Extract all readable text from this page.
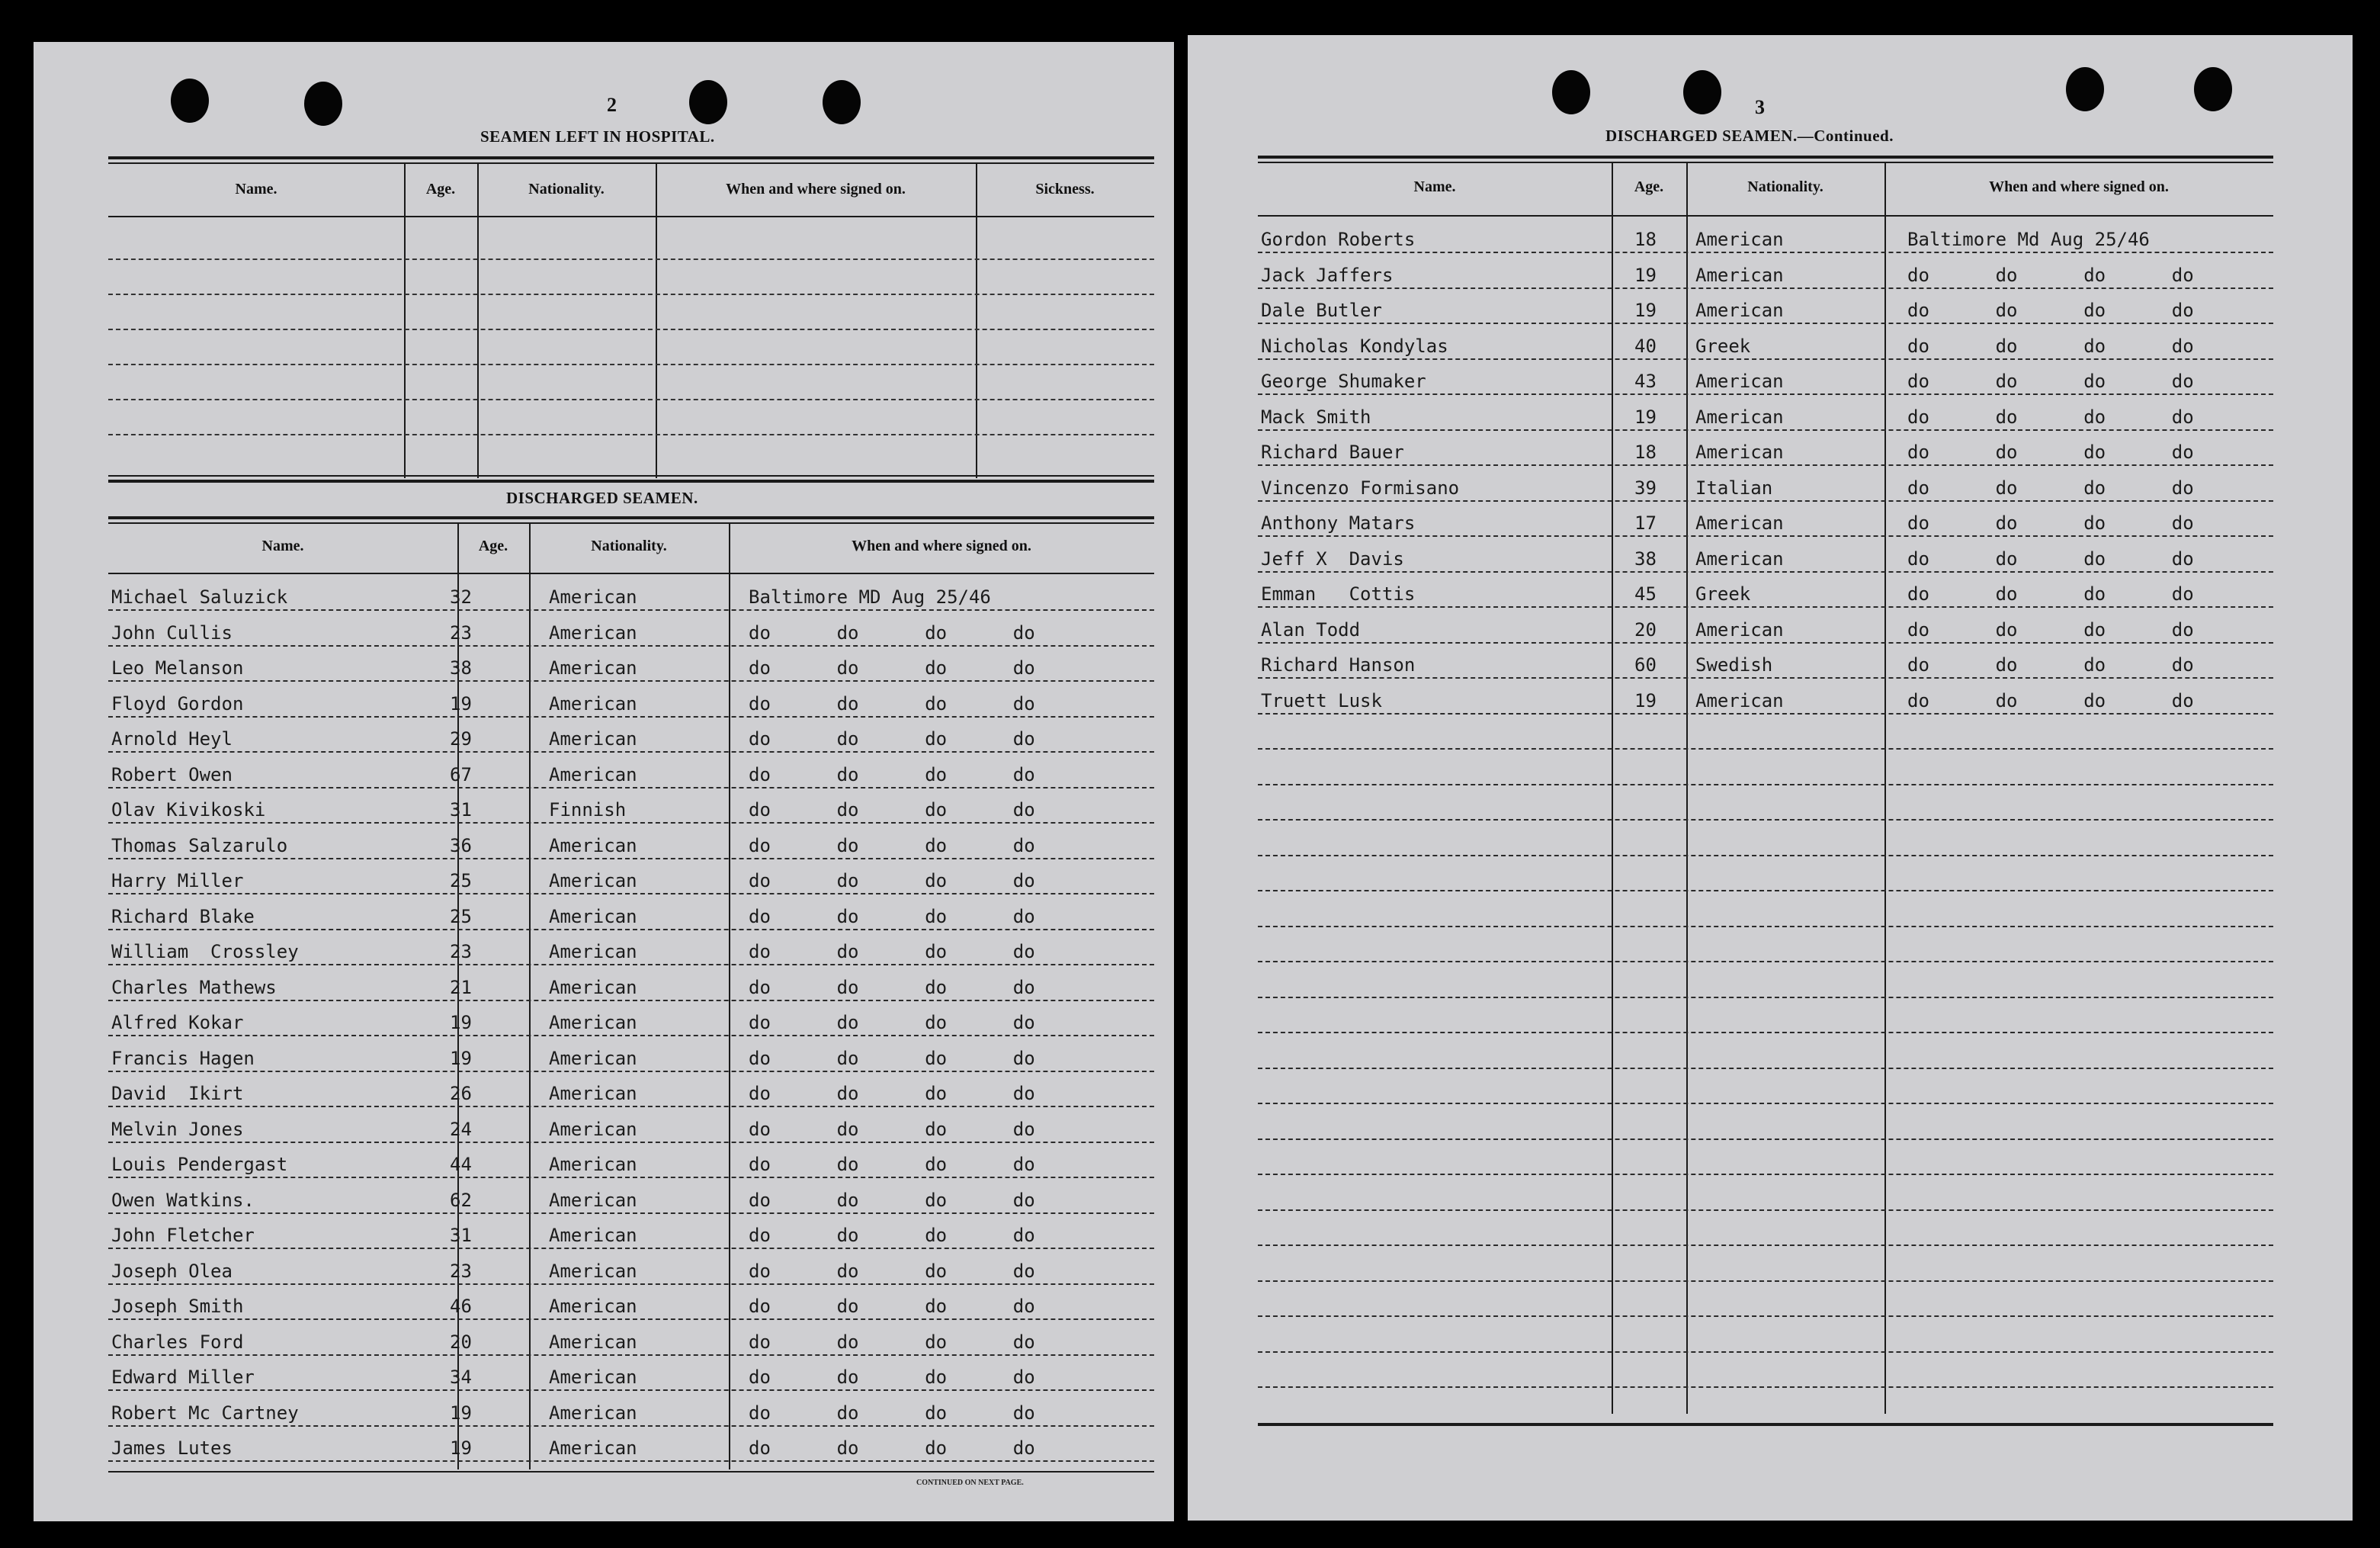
2
SEAMEN LEFT IN HOSPITAL.
Name.	Age.	Nationality.	When and where signed on.	Sickness.
DISCHARGED SEAMEN.
Name.	Age.	Nationality.	When and where signed on.
Michael Saluzick	32	American	Baltimore MD Aug 25/46
John Cullis	23	American	do      do      do      do
Leo Melanson	38	American	do      do      do      do
Floyd Gordon	19	American	do      do      do      do
Arnold Heyl	29	American	do      do      do      do
Robert Owen	67	American	do      do      do      do
Olav Kivikoski	31	Finnish	do      do      do      do
Thomas Salzarulo	36	American	do      do      do      do
Harry Miller	25	American	do      do      do      do
Richard Blake	25	American	do      do      do      do
William  Crossley	23	American	do      do      do      do
Charles Mathews	21	American	do      do      do      do
Alfred Kokar	19	American	do      do      do      do
Francis Hagen	19	American	do      do      do      do
David  Ikirt	26	American	do      do      do      do
Melvin Jones	24	American	do      do      do      do
Louis Pendergast	44	American	do      do      do      do
Owen Watkins.	62	American	do      do      do      do
John Fletcher	31	American	do      do      do      do
Joseph Olea	23	American	do      do      do      do
Joseph Smith	46	American	do      do      do      do
Charles Ford	20	American	do      do      do      do
Edward Miller	34	American	do      do      do      do
Robert Mc Cartney	19	American	do      do      do      do
James Lutes	19	American	do      do      do      do
CONTINUED ON NEXT PAGE.
3
DISCHARGED SEAMEN.—Continued.
Name.	Age.	Nationality.	When and where signed on.
Gordon Roberts	18 American	Baltimore Md Aug 25/46
Jack Jaffers	19 American	do      do      do      do
Dale Butler	19 American	do      do      do      do
Nicholas Kondylas	40 Greek	do      do      do      do
George Shumaker	43 American	do      do      do      do
Mack Smith	19 American	do      do      do      do
Richard Bauer	18 American	do      do      do      do
Vincenzo Formisano	39 Italian	do      do      do      do
Anthony Matars	17 American	do      do      do      do
Jeff X  Davis	38 American	do      do      do      do
Emman   Cottis	45 Greek	do      do      do      do
Alan Todd	20 American	do      do      do      do
Richard Hanson	60 Swedish	do      do      do      do
Truett Lusk	19 American	do      do      do      do
